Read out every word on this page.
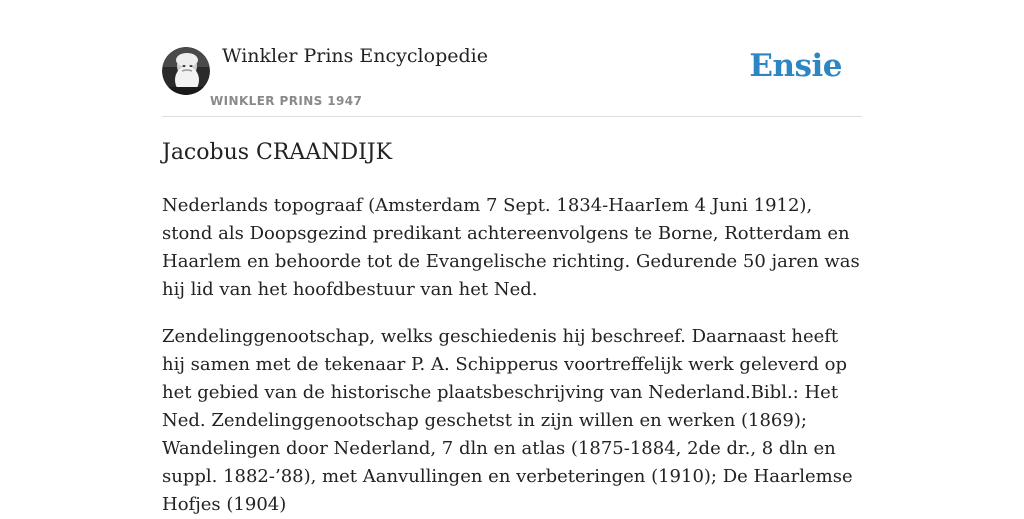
Winkler Prins Encyclopedie
WINKLER PRINS 1947
Ensie
Jacobus CRAANDIJK

Nederlands topograaf (Amsterdam 7 Sept. 1834-HaarIem 4 Juni 1912), stond als Doopsgezind predikant achtereenvolgens te Borne, Rotterdam en Haarlem en behoorde tot de Evangelische richting. Gedurende 50 jaren was hij lid van het hoofdbestuur van het Ned.

Zendelinggenootschap, welks geschiedenis hij beschreef. Daarnaast heeft hij samen met de tekenaar P. A. Schipperus voortreffelijk werk geleverd op het gebied van de historische plaatsbeschrijving van Nederland.Bibl.: Het Ned. Zendelinggenootschap geschetst in zijn willen en werken (1869); Wandelingen door Nederland, 7 dln en atlas (1875-1884, 2de dr., 8 dln en suppl. 1882-’88), met Aanvullingen en verbeteringen (1910); De Haarlemse Hofjes (1904)
